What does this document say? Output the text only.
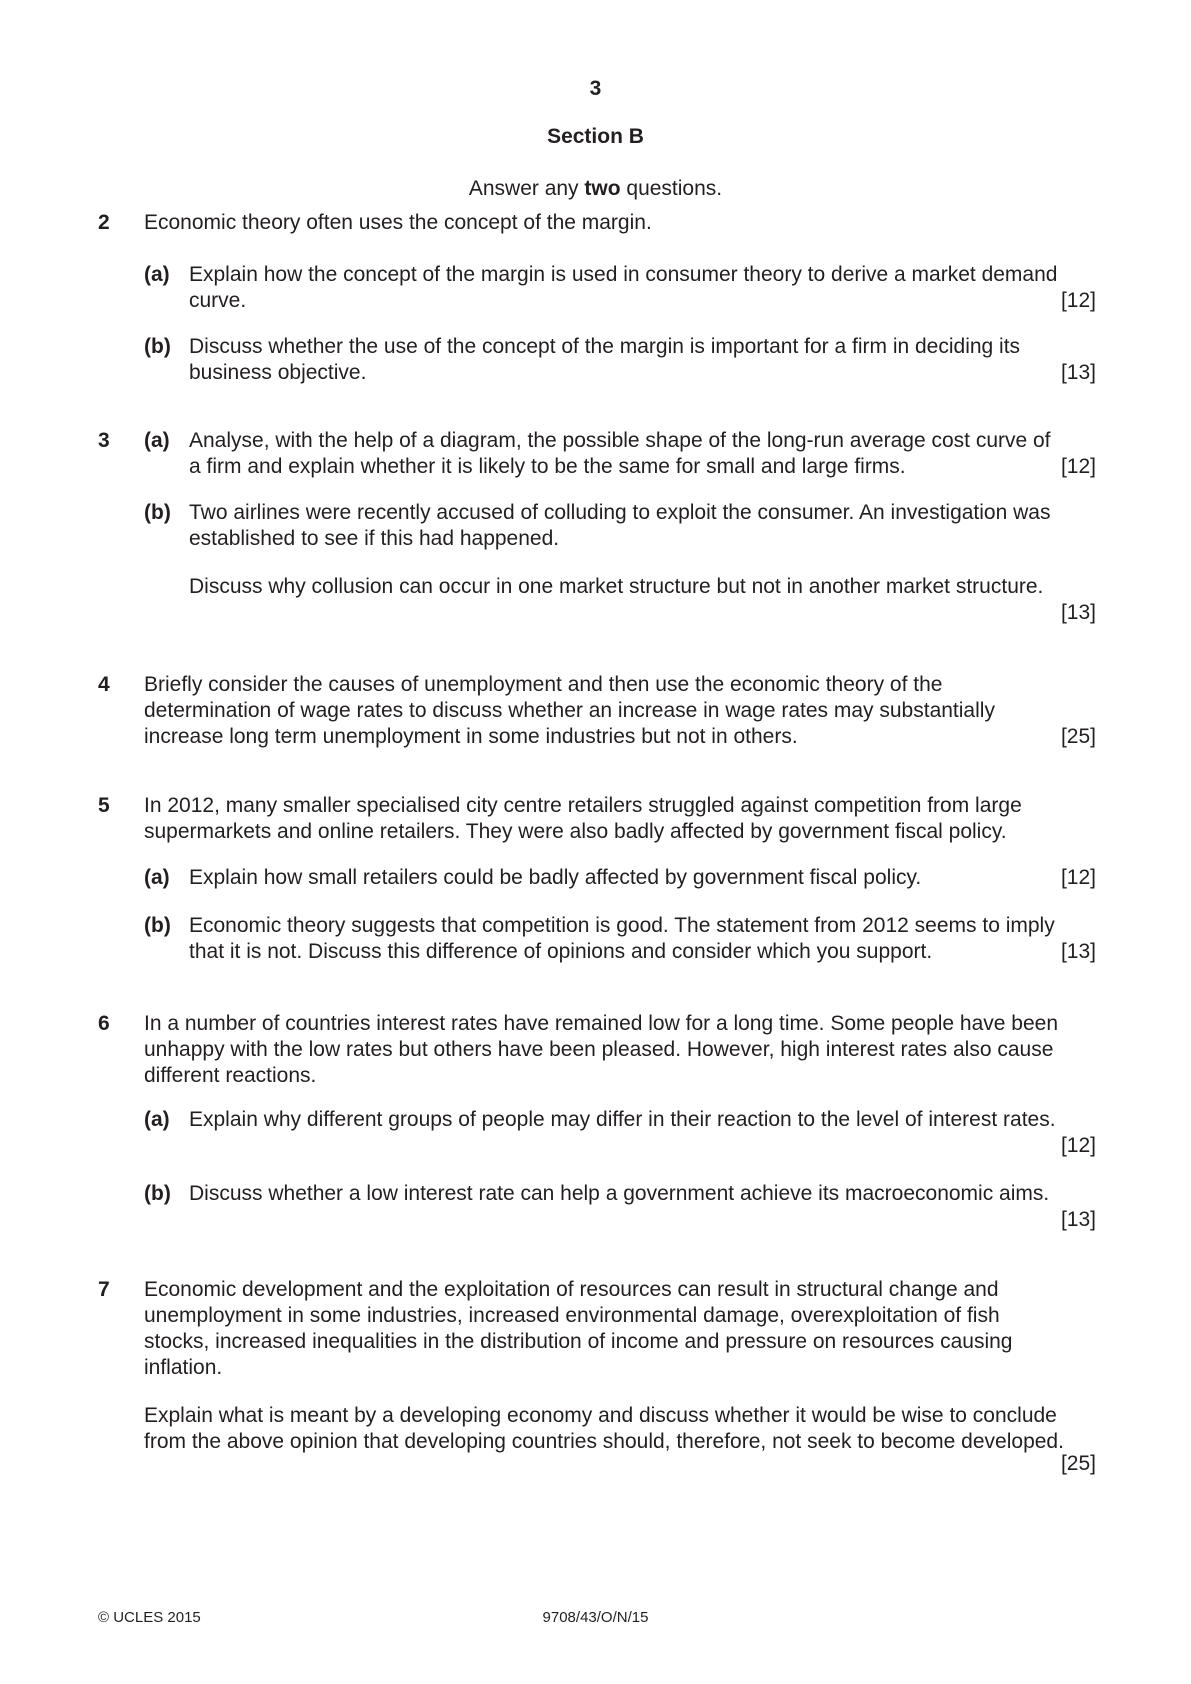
3
Section B
Answer any two questions.
2	Economic theory often uses the concept of the margin.
(a) Explain how the concept of the margin is used in consumer theory to derive a market demand
curve.	[12]
(b) Discuss whether the use of the concept of the margin is important for a firm in deciding its
business objective.	[13]
3	(a) Analyse, with the help of a diagram, the possible shape of the long-run average cost curve of
a firm and explain whether it is likely to be the same for small and large firms.	[12]
(b) Two airlines were recently accused of colluding to exploit the consumer. An investigation was
established to see if this had happened.
Discuss why collusion can occur in one market structure but not in another market structure.
[13]
4	Briefly consider the causes of unemployment and then use the economic theory of the
determination of wage rates to discuss whether an increase in wage rates may substantially
increase long term unemployment in some industries but not in others.	[25]
5	In 2012, many smaller specialised city centre retailers struggled against competition from large
supermarkets and online retailers. They were also badly affected by government fiscal policy.
(a) Explain how small retailers could be badly affected by government fiscal policy.	[12]
(b) Economic theory suggests that competition is good. The statement from 2012 seems to imply
that it is not. Discuss this difference of opinions and consider which you support.	[13]
6	In a number of countries interest rates have remained low for a long time. Some people have been
unhappy with the low rates but others have been pleased. However, high interest rates also cause
different reactions.
(a) Explain why different groups of people may differ in their reaction to the level of interest rates.
[12]
(b) Discuss whether a low interest rate can help a government achieve its macroeconomic aims.
[13]
7	Economic development and the exploitation of resources can result in structural change and
unemployment in some industries, increased environmental damage, overexploitation of fish
stocks, increased inequalities in the distribution of income and pressure on resources causing
inflation.
Explain what is meant by a developing economy and discuss whether it would be wise to conclude
from the above opinion that developing countries should, therefore, not seek to become developed.
[25]
© UCLES 2015	9708/43/O/N/15
